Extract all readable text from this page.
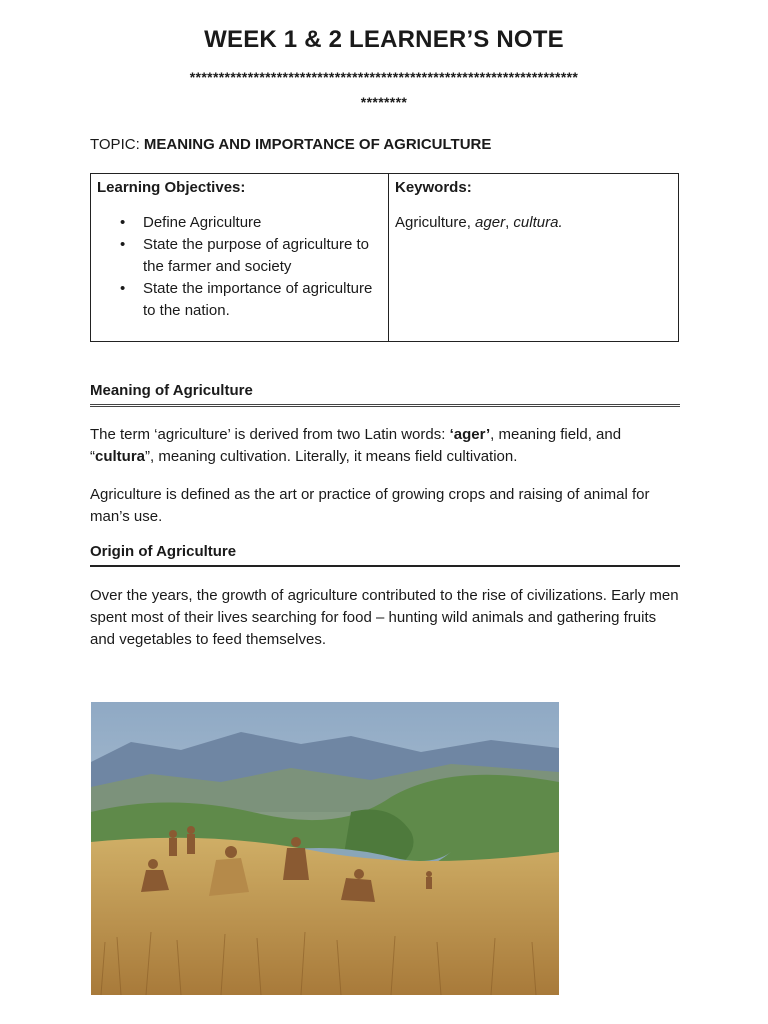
WEEK 1 & 2 LEARNER’S NOTE
*******************************************************************
********
TOPIC: MEANING AND IMPORTANCE OF AGRICULTURE
Learning Objectives:
• Define Agriculture
• State the purpose of agriculture to the farmer and society
• State the importance of agriculture to the nation.

Keywords:
Agriculture, ager, cultura.
Meaning of Agriculture
The term ‘agriculture’ is derived from two Latin words: ‘ager’, meaning field, and “cultura”, meaning cultivation. Literally, it means field cultivation.
Agriculture is defined as the art or practice of growing crops and raising of animal for man’s use.
Origin of Agriculture
Over the years, the growth of agriculture contributed to the rise of civilizations. Early men spent most of their lives searching for food – hunting wild animals and gathering fruits and vegetables to feed themselves.
